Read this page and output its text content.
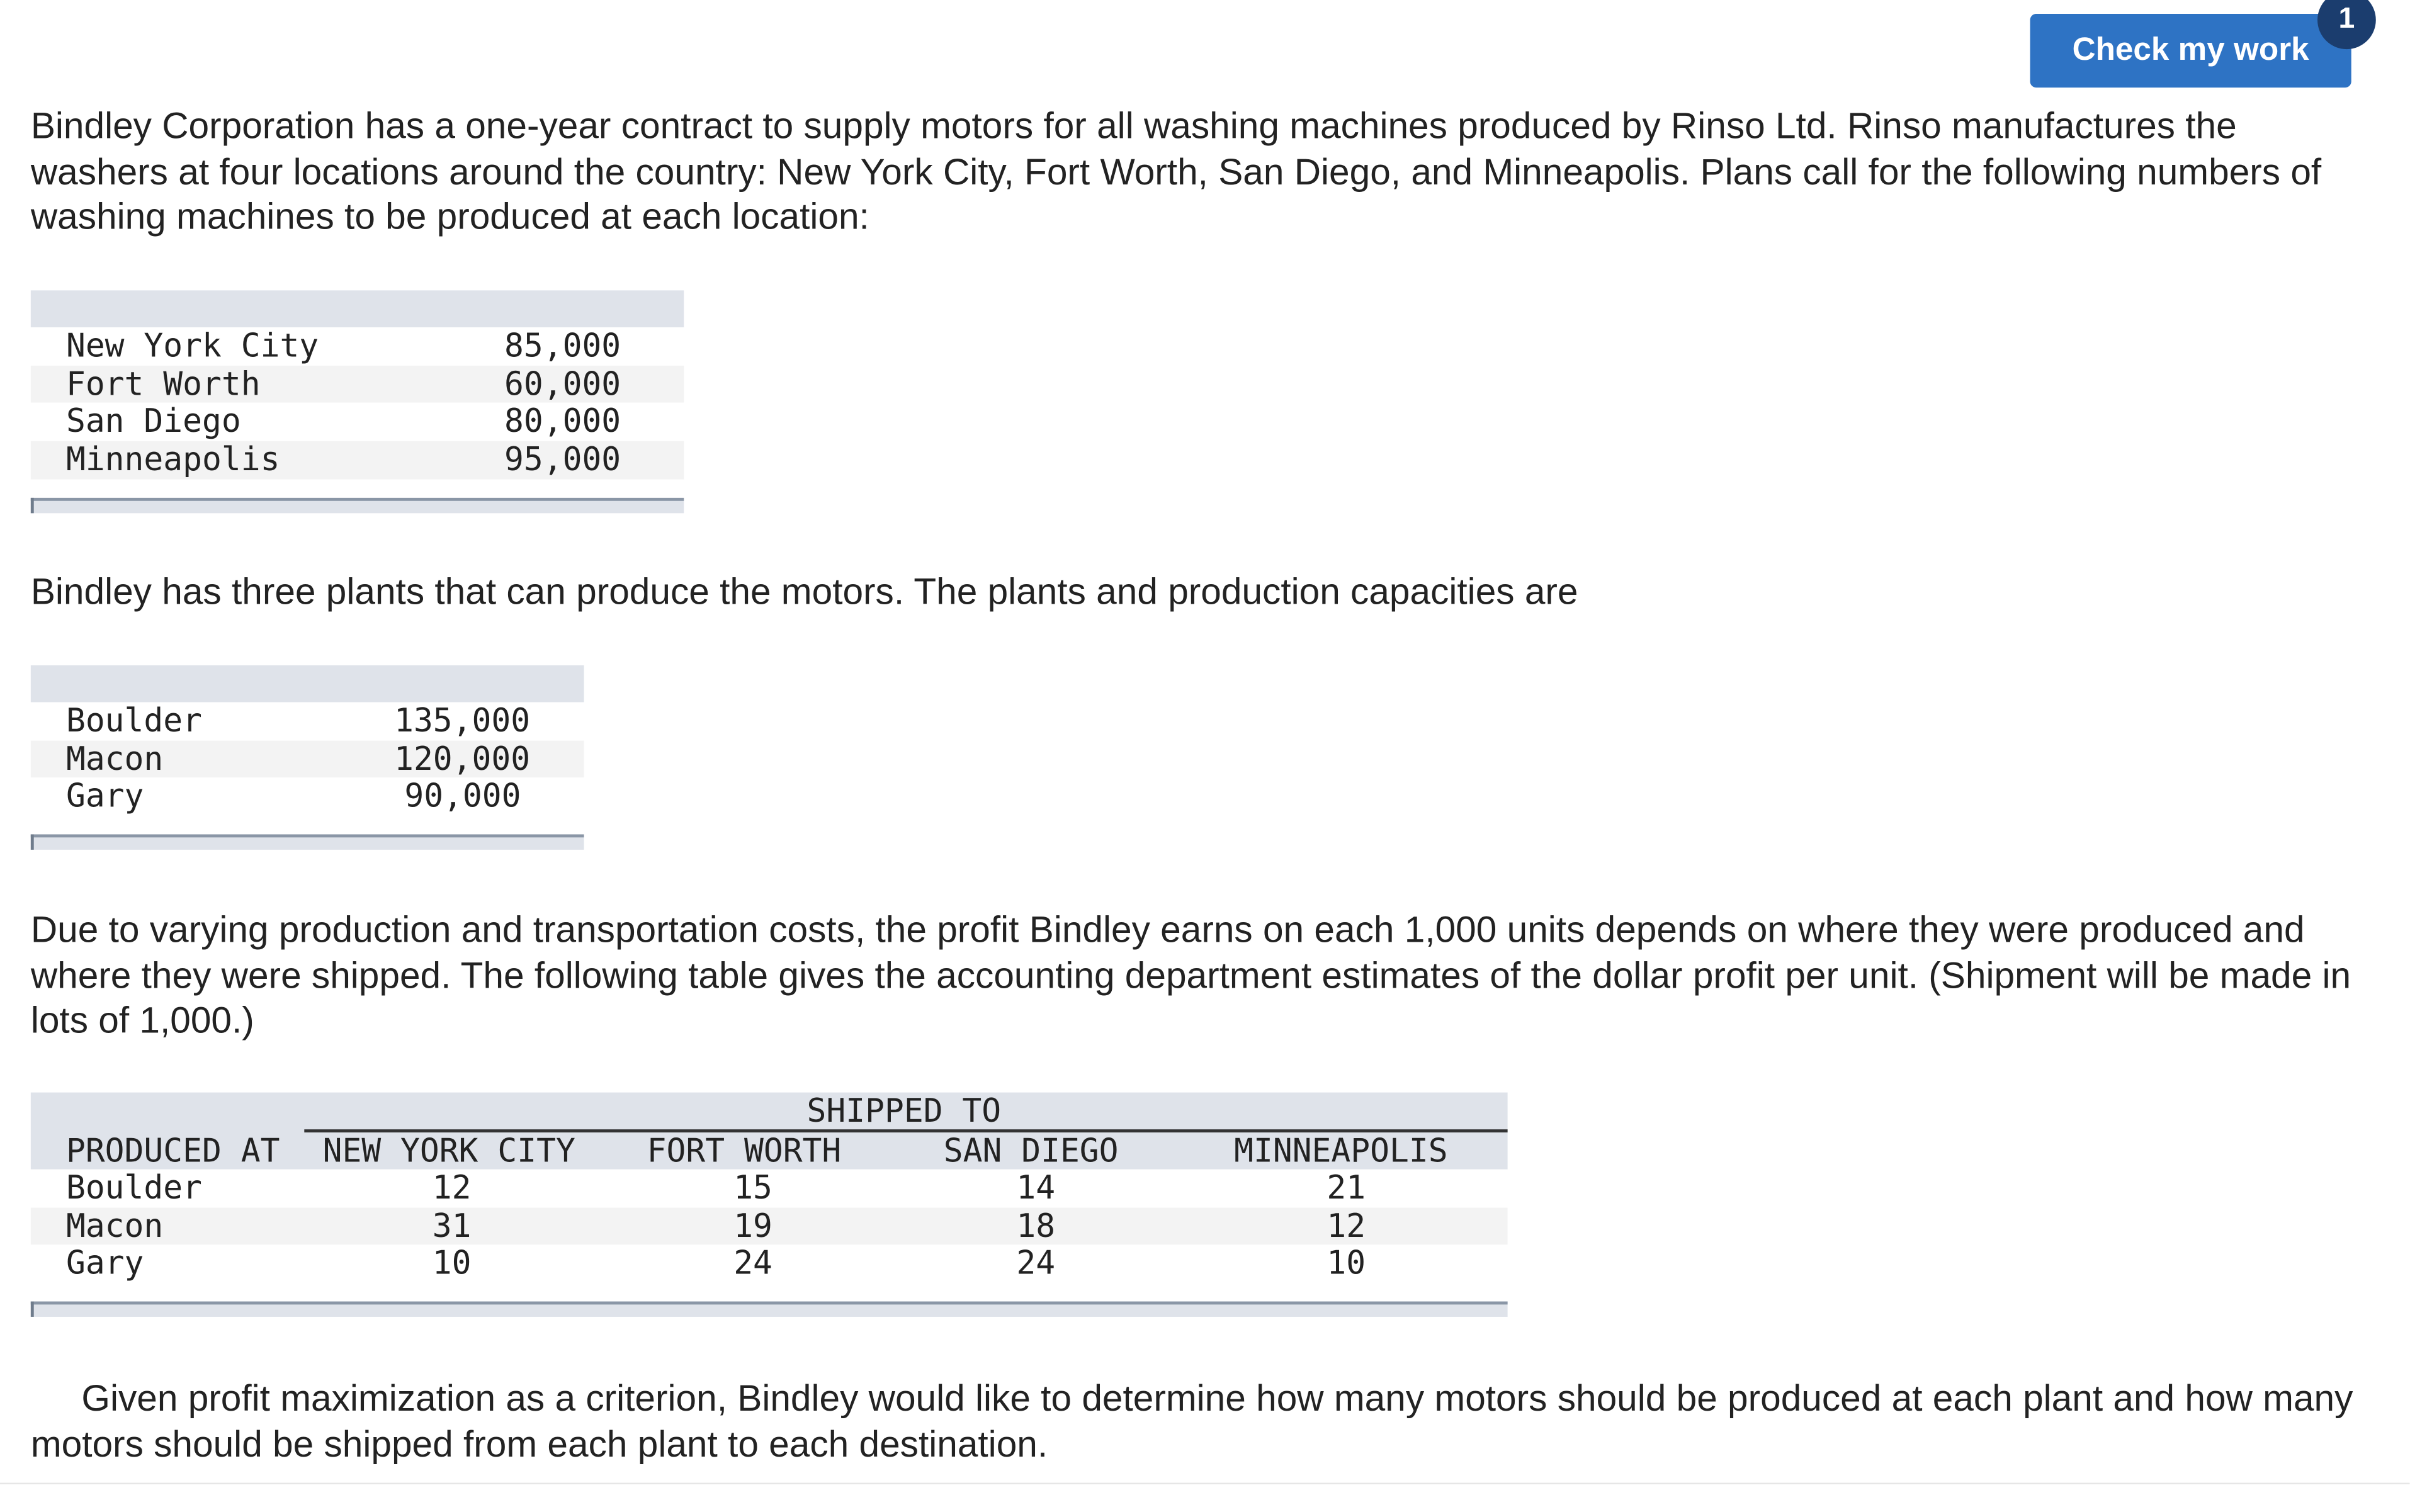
Check my work
1

Bindley Corporation has a one-year contract to supply motors for all washing machines produced by Rinso Ltd. Rinso manufactures the washers at four locations around the country: New York City, Fort Worth, San Diego, and Minneapolis. Plans call for the following numbers of washing machines to be produced at each location:

New York City	85,000
Fort Worth	60,000
San Diego	80,000
Minneapolis	95,000

Bindley has three plants that can produce the motors. The plants and production capacities are

Boulder	135,000
Macon	120,000
Gary	90,000

Due to varying production and transportation costs, the profit Bindley earns on each 1,000 units depends on where they were produced and where they were shipped. The following table gives the accounting department estimates of the dollar profit per unit. (Shipment will be made in lots of 1,000.)

SHIPPED TO
PRODUCED AT	NEW YORK CITY	FORT WORTH	SAN DIEGO	MINNEAPOLIS
Boulder	12	15	14	21
Macon	31	19	18	12
Gary	10	24	24	10

Given profit maximization as a criterion, Bindley would like to determine how many motors should be produced at each plant and how many motors should be shipped from each plant to each destination.
